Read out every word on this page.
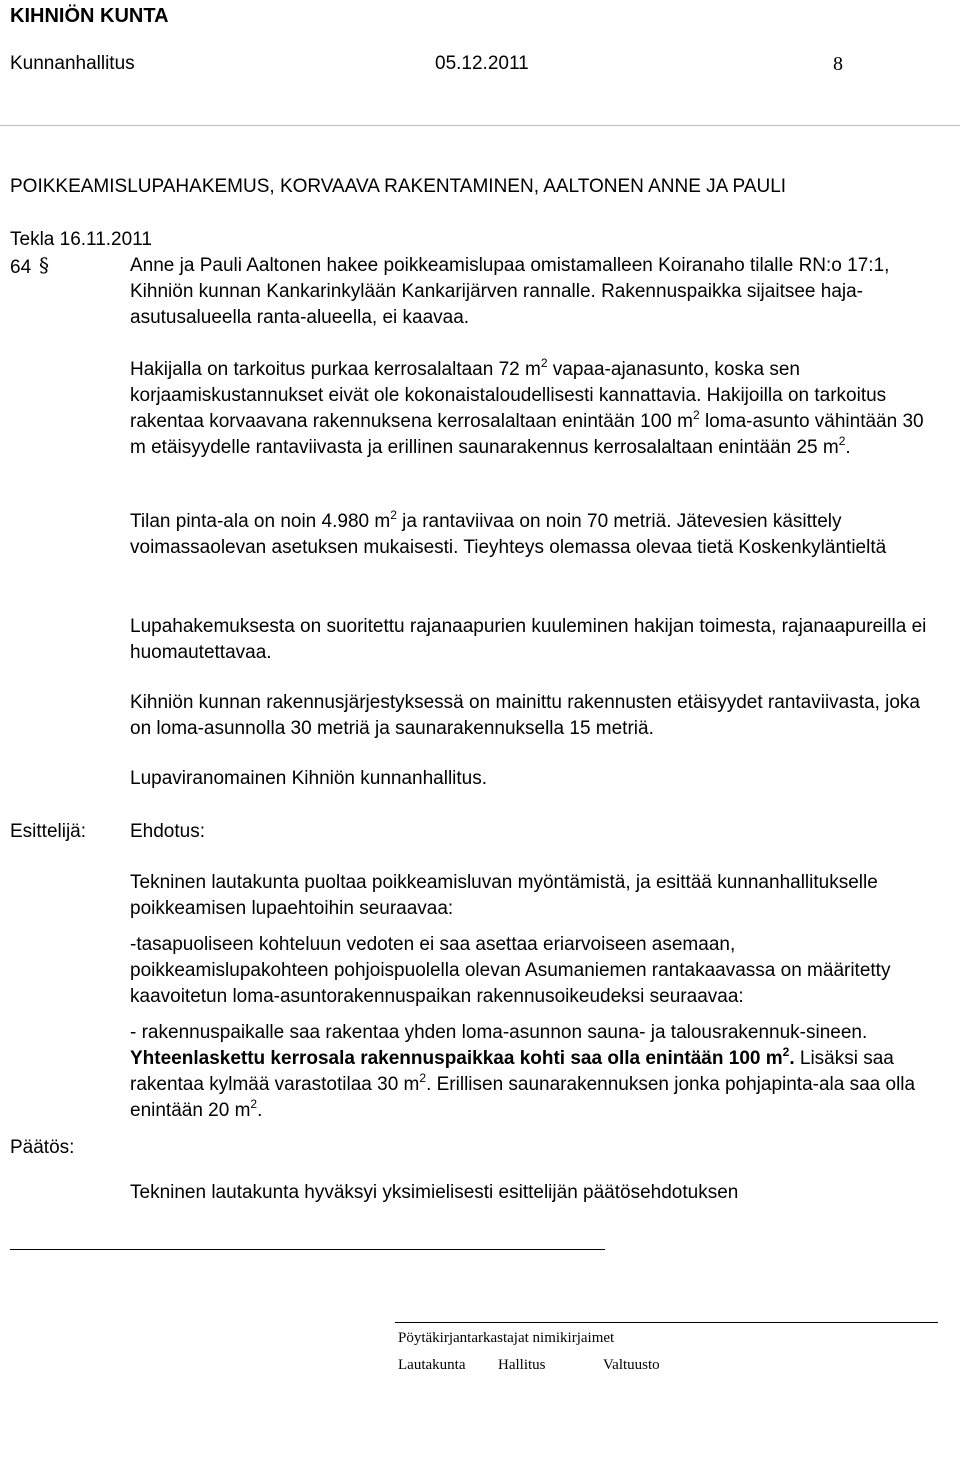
KIHNIÖN KUNTA
Kunnanhallitus	05.12.2011	8
POIKKEAMISLUPAHAKEMUS, KORVAAVA RAKENTAMINEN, AALTONEN ANNE JA PAULI
Tekla 16.11.2011
64 §	Anne ja Pauli Aaltonen hakee poikkeamislupaa omistamalleen Koiranaho tilalle RN:o 17:1, Kihniön kunnan Kankarinkylään Kankarijärven rannalle. Rakennuspaikka sijaitsee haja-asutusalueella ranta-alueella, ei kaavaa.

Hakijalla on tarkoitus purkaa kerrosalaltaan 72 $m^2$ vapaa-ajanasunto, koska sen korjaamiskustannukset eivät ole kokonaistaloudellisesti kannattavia. Hakijoilla on tarkoitus rakentaa korvaavana rakennuksena kerrosalaltaan enintään 100 $m^2$ loma-asunto vähintään 30 m etäisyydelle rantaviivasta ja erillinen saunarakennus kerrosalaltaan enintään 25 $m^2$.

Tilan pinta-ala on noin 4.980 $m^2$ ja rantaviivaa on noin 70 metriä. Jätevesien käsittely voimassaolevan asetuksen mukaisesti. Tieyhteys olemassa olevaa tietä Koskenkyläntieltä

Lupahakemuksesta on suoritettu rajanaapurien kuuleminen hakijan toimesta, rajanaapureilla ei huomautettavaa.

Kihniön kunnan rakennusjärjestyksessä on mainittu rakennusten etäisyydet rantaviivasta, joka on loma-asunnolla 30 metriä ja saunarakennuksella 15 metriä.

Lupaviranomainen Kihniön kunnanhallitus.

Esittelijä: Ehdotus:

Tekninen lautakunta puoltaa poikkeamisluvan myöntämistä, ja esittää kunnanhallitukselle poikkeamisen lupaehtoihin seuraavaa:

-tasapuoliseen kohteluun vedoten ei saa asettaa eriarvoiseen asemaan, poikkeamislupakohteen pohjoispuolella olevan Asumaniemen rantakaavassa on määritetty kaavoitetun loma-asuntorakennuspaikan rakennusoikeudeksi seuraavaa:

- rakennuspaikalle saa rakentaa yhden loma-asunnon sauna- ja talousrakennuk-sineen. Yhteenlaskettu kerrosala rakennuspaikkaa kohti saa olla enintään 100 $m^2$. Lisäksi saa rakentaa kylmää varastotilaa 30 $m^2$. Erillisen saunarakennuksen jonka pohjapinta-ala saa olla enintään 20 $m^2$.

Päätös:
Tekninen lautakunta hyväksyi yksimielisesti esittelijän päätösehdotuksen
Pöytäkirjantarkastajat nimikirjaimet
Lautakunta Hallitus	Valtuusto
